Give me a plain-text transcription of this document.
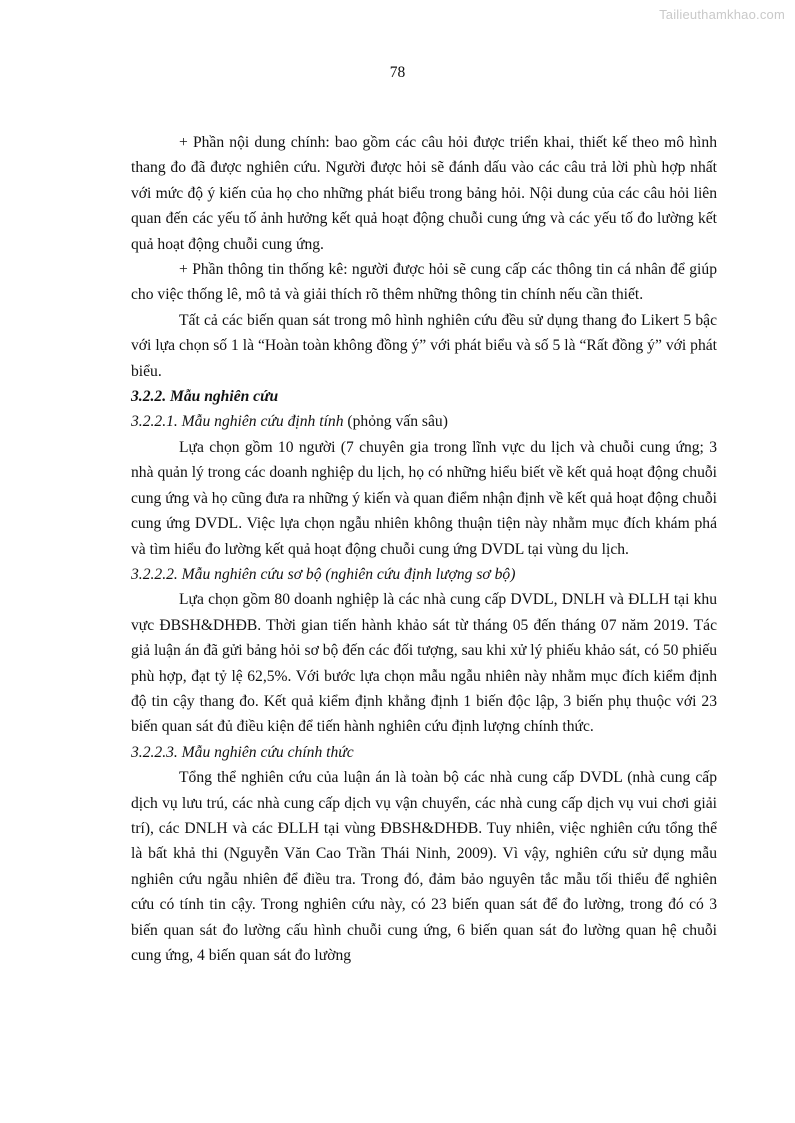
Tailieuthamkhao.com
78

+ Phần nội dung chính: bao gồm các câu hỏi được triển khai, thiết kế theo mô hình thang đo đã được nghiên cứu. Người được hỏi sẽ đánh dấu vào các câu trả lời phù hợp nhất với mức độ ý kiến của họ cho những phát biểu trong bảng hỏi. Nội dung của các câu hỏi liên quan đến các yếu tố ảnh hưởng kết quả hoạt động chuỗi cung ứng và các yếu tố đo lường kết quả hoạt động chuỗi cung ứng.

+ Phần thông tin thống kê: người được hỏi sẽ cung cấp các thông tin cá nhân để giúp cho việc thống lê, mô tả và giải thích rõ thêm những thông tin chính nếu cần thiết.

Tất cả các biến quan sát trong mô hình nghiên cứu đều sử dụng thang đo Likert 5 bậc với lựa chọn số 1 là “Hoàn toàn không đồng ý” với phát biểu và số 5 là “Rất đồng ý” với phát biểu.

3.2.2. Mẫu nghiên cứu

3.2.2.1. Mẫu nghiên cứu định tính (phỏng vấn sâu)

Lựa chọn gồm 10 người (7 chuyên gia trong lĩnh vực du lịch và chuỗi cung ứng; 3 nhà quản lý trong các doanh nghiệp du lịch, họ có những hiểu biết về kết quả hoạt động chuỗi cung ứng và họ cũng đưa ra những ý kiến và quan điểm nhận định về kết quả hoạt động chuỗi cung ứng DVDL. Việc lựa chọn ngẫu nhiên không thuận tiện này nhằm mục đích khám phá và tìm hiểu đo lường kết quả hoạt động chuỗi cung ứng DVDL tại vùng du lịch.

3.2.2.2. Mẫu nghiên cứu sơ bộ (nghiên cứu định lượng sơ bộ)

Lựa chọn gồm 80 doanh nghiệp là các nhà cung cấp DVDL, DNLH và ĐLLH tại khu vực ĐBSH&DHĐB. Thời gian tiến hành khảo sát từ tháng 05 đến tháng 07 năm 2019. Tác giả luận án đã gửi bảng hỏi sơ bộ đến các đối tượng, sau khi xử lý phiếu khảo sát, có 50 phiếu phù hợp, đạt tỷ lệ 62,5%. Với bước lựa chọn mẫu ngẫu nhiên này nhằm mục đích kiểm định độ tin cậy thang đo. Kết quả kiểm định khẳng định 1 biến độc lập, 3 biến phụ thuộc với 23 biến quan sát đủ điều kiện để tiến hành nghiên cứu định lượng chính thức.

3.2.2.3. Mẫu nghiên cứu chính thức

Tổng thể nghiên cứu của luận án là toàn bộ các nhà cung cấp DVDL (nhà cung cấp dịch vụ lưu trú, các nhà cung cấp dịch vụ vận chuyển, các nhà cung cấp dịch vụ vui chơi giải trí), các DNLH và các ĐLLH tại vùng ĐBSH&DHĐB. Tuy nhiên, việc nghiên cứu tổng thể là bất khả thi (Nguyễn Văn Cao Trần Thái Ninh, 2009). Vì vậy, nghiên cứu sử dụng mẫu nghiên cứu ngẫu nhiên để điều tra. Trong đó, đảm bảo nguyên tắc mẫu tối thiểu để nghiên cứu có tính tin cậy. Trong nghiên cứu này, có 23 biến quan sát để đo lường, trong đó có 3 biến quan sát đo lường cấu hình chuỗi cung ứng, 6 biến quan sát đo lường quan hệ chuỗi cung ứng, 4 biến quan sát đo lường
